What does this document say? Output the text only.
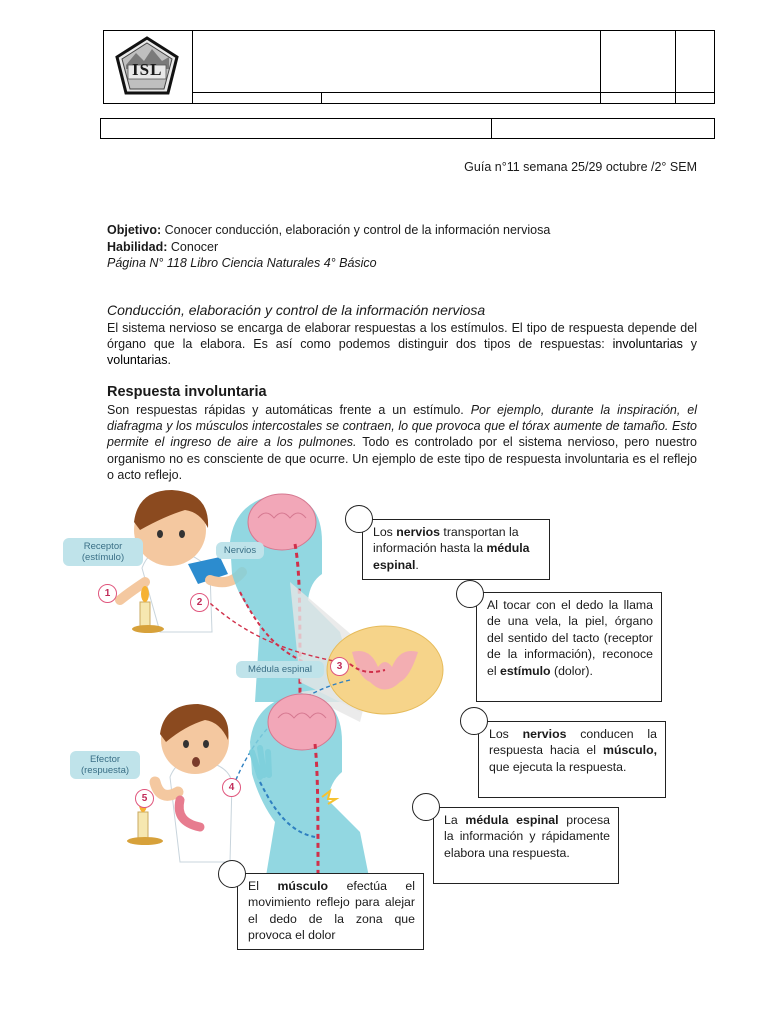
ISL
Guía n°11 semana 25/29 octubre /2° SEM
Objetivo: Conocer conducción, elaboración y control de la información nerviosa
Habilidad: Conocer
Página N° 118 Libro Ciencia Naturales 4° Básico
Conducción, elaboración y control de la información nerviosa
El sistema nervioso se encarga de elaborar respuestas a los estímulos. El tipo de respuesta depende del órgano que la elabora. Es así como podemos distinguir dos tipos de respuestas: involuntarias y voluntarias.
Respuesta involuntaria
Son respuestas rápidas y automáticas frente a un estímulo. Por ejemplo, durante la inspiración, el diafragma y los músculos intercostales se contraen, lo que provoca que el tórax aumente de tamaño. Esto permite el ingreso de aire a los pulmones. Todo es controlado por el sistema nervioso, pero nuestro organismo no es consciente de que ocurre. Un ejemplo de este tipo de respuesta involuntaria es el reflejo o acto reflejo.
Receptor (estímulo)
Nervios
Médula espinal
Efector (respuesta)
1
2
3
4
5
Los nervios transportan la información hasta la médula espinal.
Al tocar con el dedo la llama de una vela, la piel, órgano del sentido del tacto (receptor de la información), reconoce el estímulo (dolor).
Los nervios conducen la respuesta hacia el músculo, que ejecuta la respuesta.
La médula espinal procesa la información y rápidamente elabora una respuesta.
El músculo efectúa el movimiento reflejo para alejar el dedo de la zona que provoca el dolor
